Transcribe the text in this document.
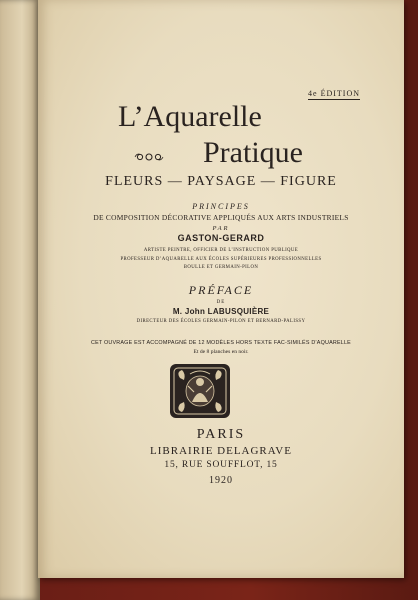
4e ÉDITION
L’Aquarelle
Pratique
FLEURS — PAYSAGE — FIGURE
PRINCIPES
DE COMPOSITION DÉCORATIVE APPLIQUÉS AUX ARTS INDUSTRIELS
PAR
GASTON-GERARD
ARTISTE PEINTRE, OFFICIER DE L’INSTRUCTION PUBLIQUE
PROFESSEUR D’AQUARELLE AUX ÉCOLES SUPÉRIEURES PROFESSIONNELLES
BOULLE ET GERMAIN-PILON
PRÉFACE
DE
M. John LABUSQUIÈRE
DIRECTEUR DES ÉCOLES GERMAIN-PILON ET BERNARD-PALISSY
CET OUVRAGE EST ACCOMPAGNÉ DE 12 MODÈLES HORS TEXTE FAC-SIMILÉS D’AQUARELLE
Et de 8 planches en noir.
PARIS
LIBRAIRIE DELAGRAVE
15, RUE SOUFFLOT, 15
1920
